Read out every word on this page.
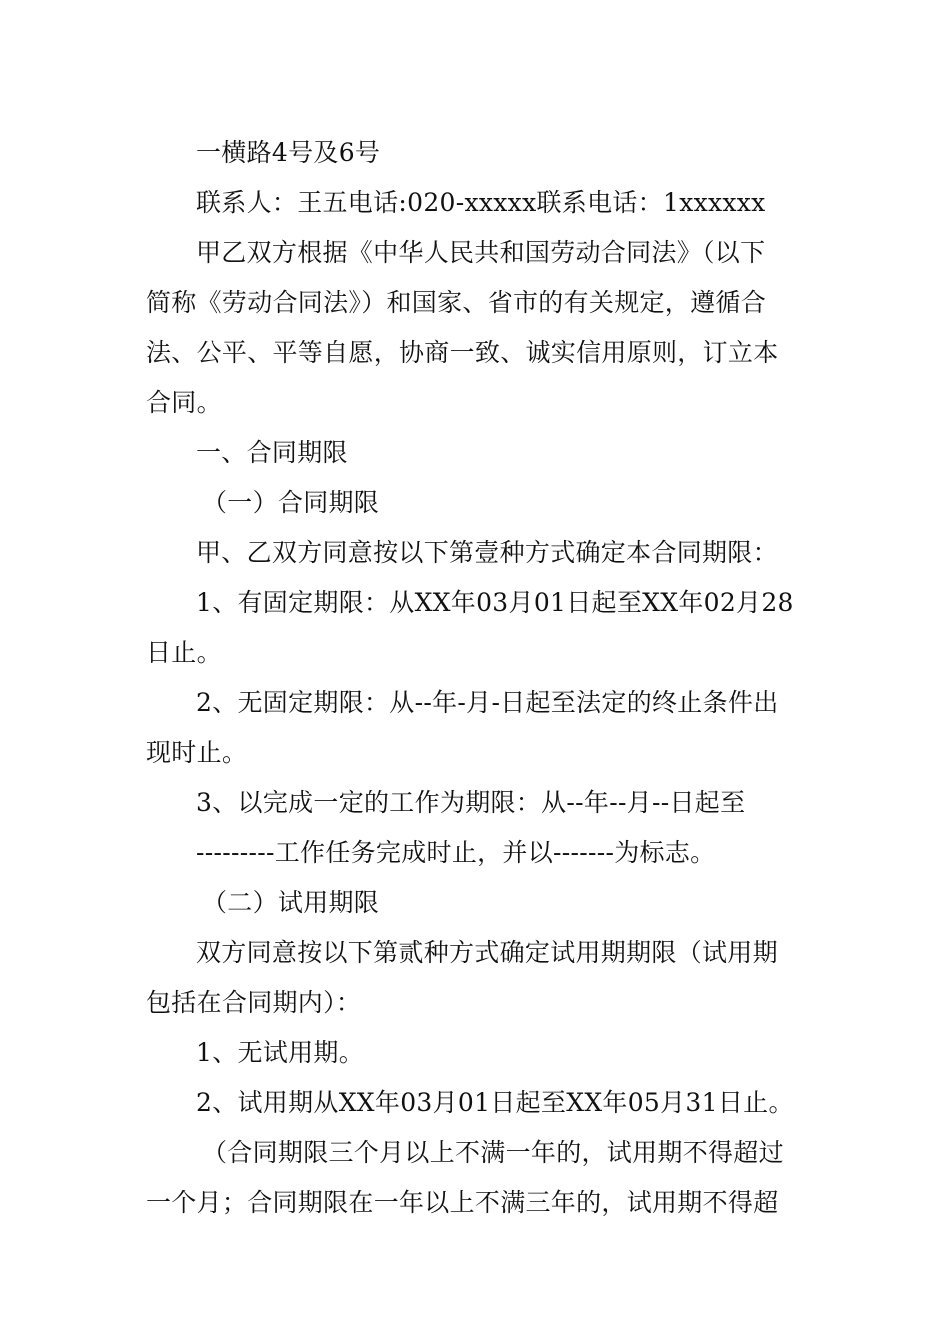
一横路4号及6号

联系人：王五电话:020-xxxxx联系电话：1xxxxxx

甲乙双方根据《中华人民共和国劳动合同法》（以下

简称《劳动合同法》）和国家、省市的有关规定，遵循合

法、公平、平等自愿，协商一致、诚实信用原则，订立本

合同。

一、合同期限

（一）合同期限

甲、乙双方同意按以下第壹种方式确定本合同期限：

1、有固定期限：从XX年03月01日起至XX年02月28

日止。

2、无固定期限：从--年-月-日起至法定的终止条件出

现时止。

3、以完成一定的工作为期限：从--年--月--日起至

---------工作任务完成时止，并以-------为标志。

（二）试用期限

双方同意按以下第贰种方式确定试用期期限（试用期

包括在合同期内）：

1、无试用期。

2、试用期从XX年03月01日起至XX年05月31日止。

（合同期限三个月以上不满一年的，试用期不得超过

一个月；合同期限在一年以上不满三年的，试用期不得超
